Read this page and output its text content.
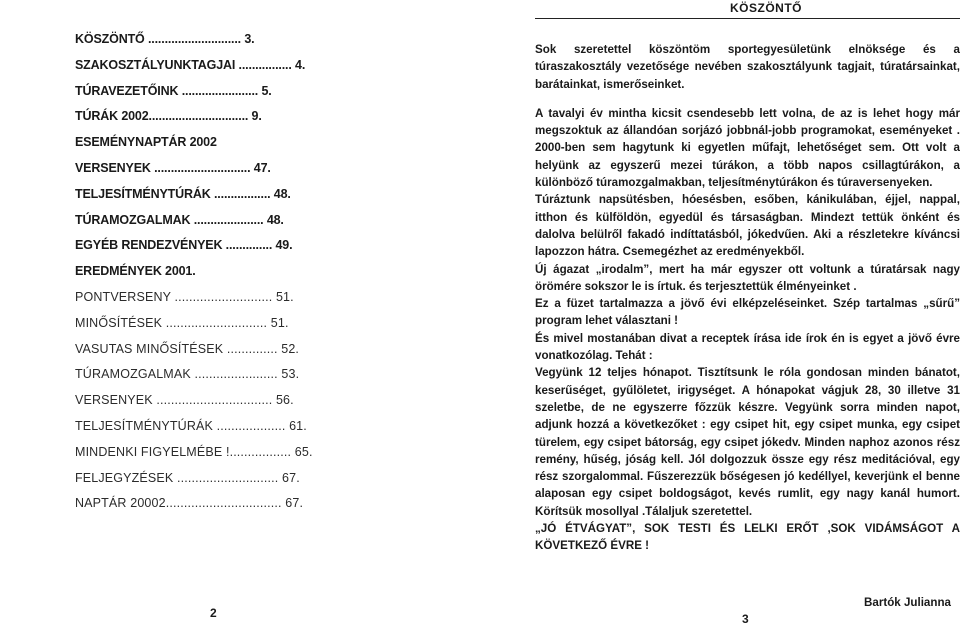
KÖSZÖNTŐ ............................ 3.
SZAKOSZTÁLYUNKTAGJAI ................ 4.
TÚRAVEZETŐINK ....................... 5.
TÚRÁK 2002.............................. 9.
ESEMÉNYNAPTÁR 2002
VERSENYEK ............................. 47.
TELJESÍTMÉNYTÚRÁK ................. 48.
TÚRAMOZGALMAK ..................... 48.
EGYÉB RENDEZVÉNYEK .............. 49.
EREDMÉNYEK 2001.
PONTVERSENY ........................... 51.
MINŐSÍTÉSEK ............................ 51.
VASUTAS MINŐSÍTÉSEK .............. 52.
TÚRAMOZGALMAK ....................... 53.
VERSENYEK ................................ 56.
TELJESÍTMÉNYTÚRÁK ................... 61.
MINDENKI FIGYELMÉBE !................. 65.
FELJEGYZÉSEK ............................ 67.
NAPTÁR 20002................................ 67.
2
KÖSZÖNTŐ

Sok szeretettel köszöntöm sportegyesületünk elnöksége és a túraszakosztály vezetősége nevében szakosztályunk tagjait, túratársainkat, barátainkat, ismerőseinket.

A tavalyi év mintha kicsit csendesebb lett volna, de az is lehet hogy már megszoktuk az állandóan sorjázó jobbnál-jobb programokat, eseményeket . 2000-ben sem hagytunk ki egyetlen műfajt, lehetőséget sem. Ott volt a helyünk az egyszerű mezei túrákon, a több napos csillagtúrákon, a különböző túramozgalmakban, teljesítménytúrákon és túraversenyeken.

Túráztunk napsütésben, hóesésben, esőben, kánikulában, éjjel, nappal, itthon és külföldön, egyedül és társaságban. Mindezt tettük önként és dalolva belülről fakadó indíttatásból, jókedvűen. Aki a részletekre kíváncsi lapozzon hátra. Csemegézhet az eredményekből.

Új ágazat „irodalm”, mert ha már egyszer ott voltunk a túratársak nagy örömére sokszor le is írtuk. és terjesztettük élményeinket .

Ez a füzet tartalmazza a jövő évi elképzeléseinket. Szép tartalmas „sűrű” program lehet választani !

És mivel mostanában divat a receptek írása ide írok én is egyet a jövő évre vonatkozólag. Tehát :

Vegyünk 12 teljes hónapot. Tisztítsunk le róla gondosan minden bánatot, keserűséget, gyűlöletet, irigységet. A hónapokat vágjuk 28, 30 illetve 31 szeletbe, de ne egyszerre főzzük készre. Vegyünk sorra minden napot, adjunk hozzá a következőket : egy csipet hit, egy csipet munka, egy csipet türelem, egy csipet bátorság, egy csipet jókedv. Minden naphoz azonos rész remény, hűség, jóság kell. Jól dolgozzuk össze egy rész meditációval, egy rész szorgalommal. Fűszerezzük bőségesen jó kedéllyel, keverjünk el benne alaposan egy csipet boldogságot, kevés rumlit, egy nagy kanál humort. Körítsük mosollyal .Tálaljuk szeretettel.

„JÓ ÉTVÁGYAT”, SOK TESTI ÉS LELKI ERŐT ,SOK VIDÁMSÁGOT A KÖVETKEZŐ ÉVRE !

Bartók Julianna
3
